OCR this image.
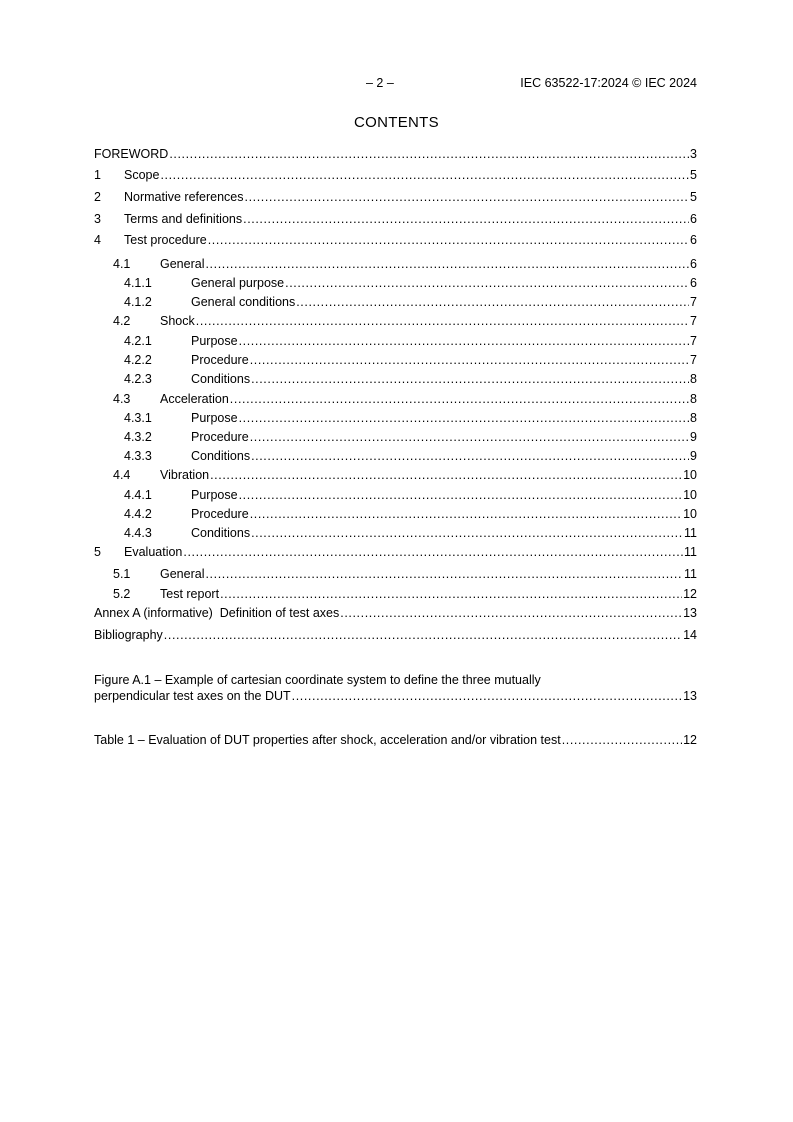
– 2 –	IEC 63522-17:2024 © IEC 2024
CONTENTS
FOREWORD .....	3
1	Scope .....	5
2	Normative references .....	5
3	Terms and definitions .....	6
4	Test procedure .....	6
4.1	General .....	6
4.1.1	General purpose .....	6
4.1.2	General conditions .....	7
4.2	Shock .....	7
4.2.1	Purpose .....	7
4.2.2	Procedure .....	7
4.2.3	Conditions .....	8
4.3	Acceleration .....	8
4.3.1	Purpose .....	8
4.3.2	Procedure .....	9
4.3.3	Conditions .....	9
4.4	Vibration .....	10
4.4.1	Purpose .....	10
4.4.2	Procedure .....	10
4.4.3	Conditions .....	11
5	Evaluation .....	11
5.1	General .....	11
5.2	Test report .....	12
Annex A (informative)  Definition of test axes .....	13
Bibliography .....	14
Figure A.1 – Example of cartesian coordinate system to define the three mutually
perpendicular test axes on the DUT .....	13
Table 1 – Evaluation of DUT properties after shock, acceleration and/or vibration test .....	12
